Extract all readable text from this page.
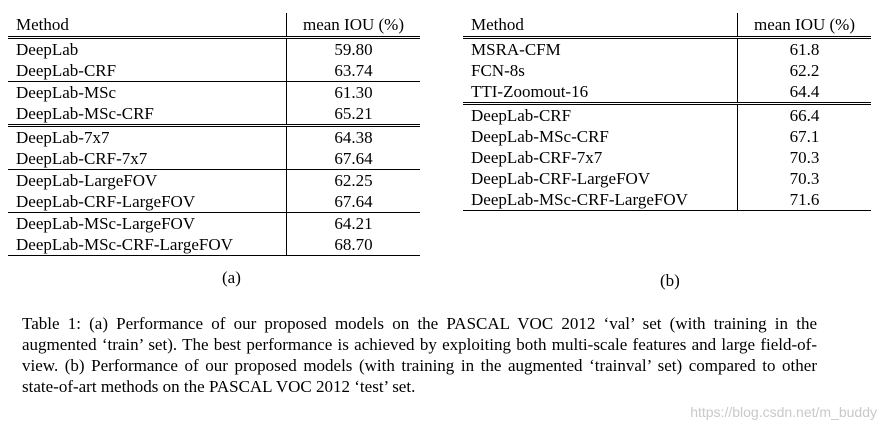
Method	mean IOU (%)
DeepLab	59.80
DeepLab-CRF	63.74
DeepLab-MSc	61.30
DeepLab-MSc-CRF	65.21
DeepLab-7x7	64.38
DeepLab-CRF-7x7	67.64
DeepLab-LargeFOV	62.25
DeepLab-CRF-LargeFOV	67.64
DeepLab-MSc-LargeFOV	64.21
DeepLab-MSc-CRF-LargeFOV	68.70
(a)
Method	mean IOU (%)
MSRA-CFM	61.8
FCN-8s	62.2
TTI-Zoomout-16	64.4
DeepLab-CRF	66.4
DeepLab-MSc-CRF	67.1
DeepLab-CRF-7x7	70.3
DeepLab-CRF-LargeFOV	70.3
DeepLab-MSc-CRF-LargeFOV	71.6
(b)
Table 1: (a) Performance of our proposed models on the PASCAL VOC 2012 ‘val’ set (with training in the augmented ‘train’ set). The best performance is achieved by exploiting both multi-scale features and large field-of-view. (b) Performance of our proposed models (with training in the augmented ‘trainval’ set) compared to other state-of-art methods on the PASCAL VOC 2012 ‘test’ set.
https://blog.csdn.net/m_buddy
